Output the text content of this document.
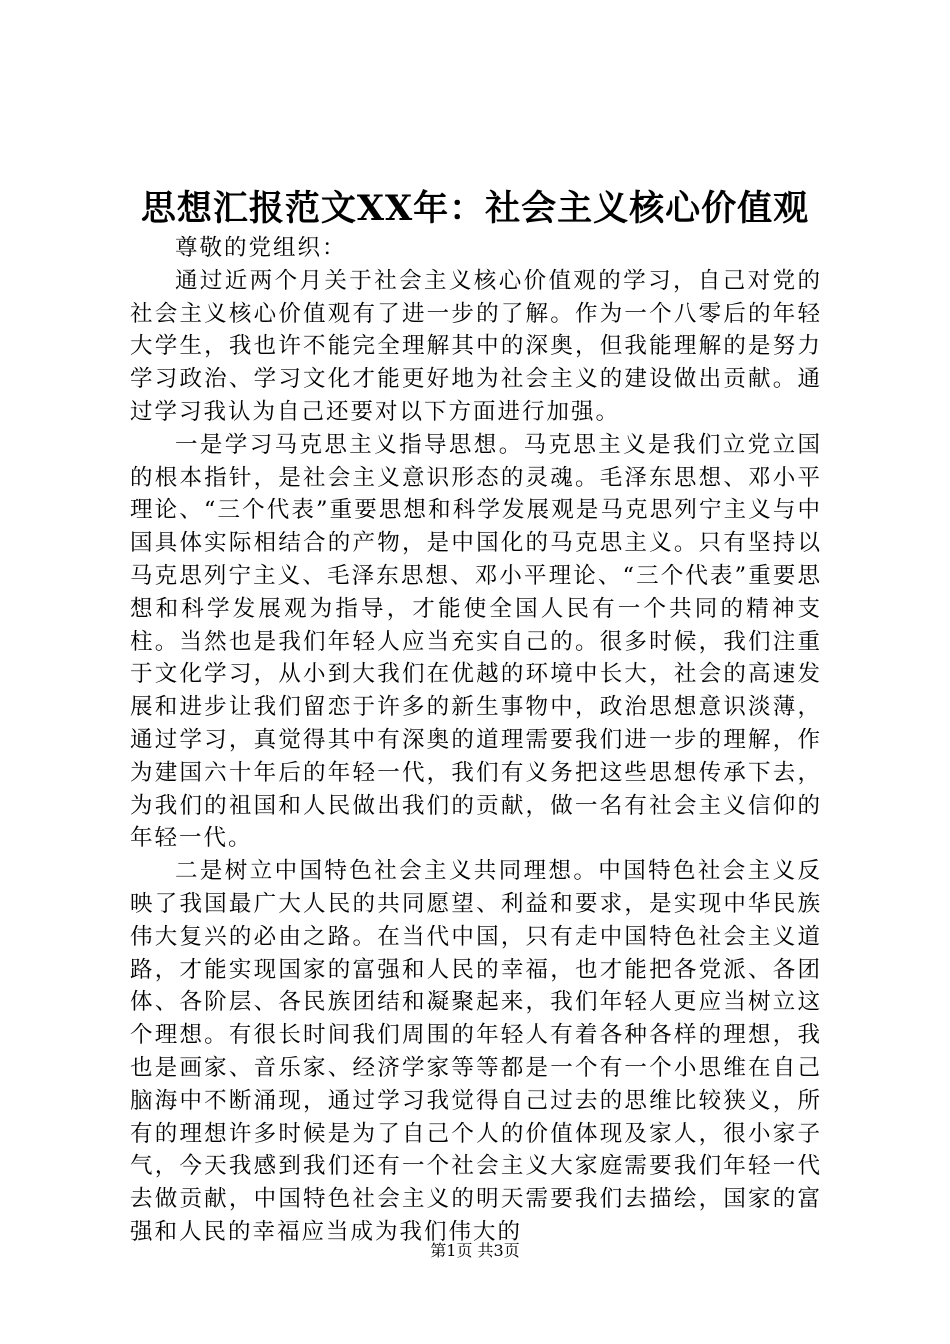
思想汇报范文XX年：社会主义核心价值观

尊敬的党组织：

通过近两个月关于社会主义核心价值观的学习，自己对党的社会主义核心价值观有了进一步的了解。作为一个八零后的年轻大学生，我也许不能完全理解其中的深奥，但我能理解的是努力学习政治、学习文化才能更好地为社会主义的建设做出贡献。通过学习我认为自己还要对以下方面进行加强。

一是学习马克思主义指导思想。马克思主义是我们立党立国的根本指针，是社会主义意识形态的灵魂。毛泽东思想、邓小平理论、“三个代表”重要思想和科学发展观是马克思列宁主义与中国具体实际相结合的产物，是中国化的马克思主义。只有坚持以马克思列宁主义、毛泽东思想、邓小平理论、“三个代表”重要思想和科学发展观为指导，才能使全国人民有一个共同的精神支柱。当然也是我们年轻人应当充实自己的。很多时候，我们注重于文化学习，从小到大我们在优越的环境中长大，社会的高速发展和进步让我们留恋于许多的新生事物中，政治思想意识淡薄，通过学习，真觉得其中有深奥的道理需要我们进一步的理解，作为建国六十年后的年轻一代，我们有义务把这些思想传承下去，为我们的祖国和人民做出我们的贡献，做一名有社会主义信仰的年轻一代。

二是树立中国特色社会主义共同理想。中国特色社会主义反映了我国最广大人民的共同愿望、利益和要求，是实现中华民族伟大复兴的必由之路。在当代中国，只有走中国特色社会主义道路，才能实现国家的富强和人民的幸福，也才能把各党派、各团体、各阶层、各民族团结和凝聚起来，我们年轻人更应当树立这个理想。有很长时间我们周围的年轻人有着各种各样的理想，我也是画家、音乐家、经济学家等等都是一个有一个小思维在自己脑海中不断涌现，通过学习我觉得自己过去的思维比较狭义，所有的理想许多时候是为了自己个人的价值体现及家人，很小家子气，今天我感到我们还有一个社会主义大家庭需要我们年轻一代去做贡献，中国特色社会主义的明天需要我们去描绘，国家的富强和人民的幸福应当成为我们伟大的

第1页 共3页
